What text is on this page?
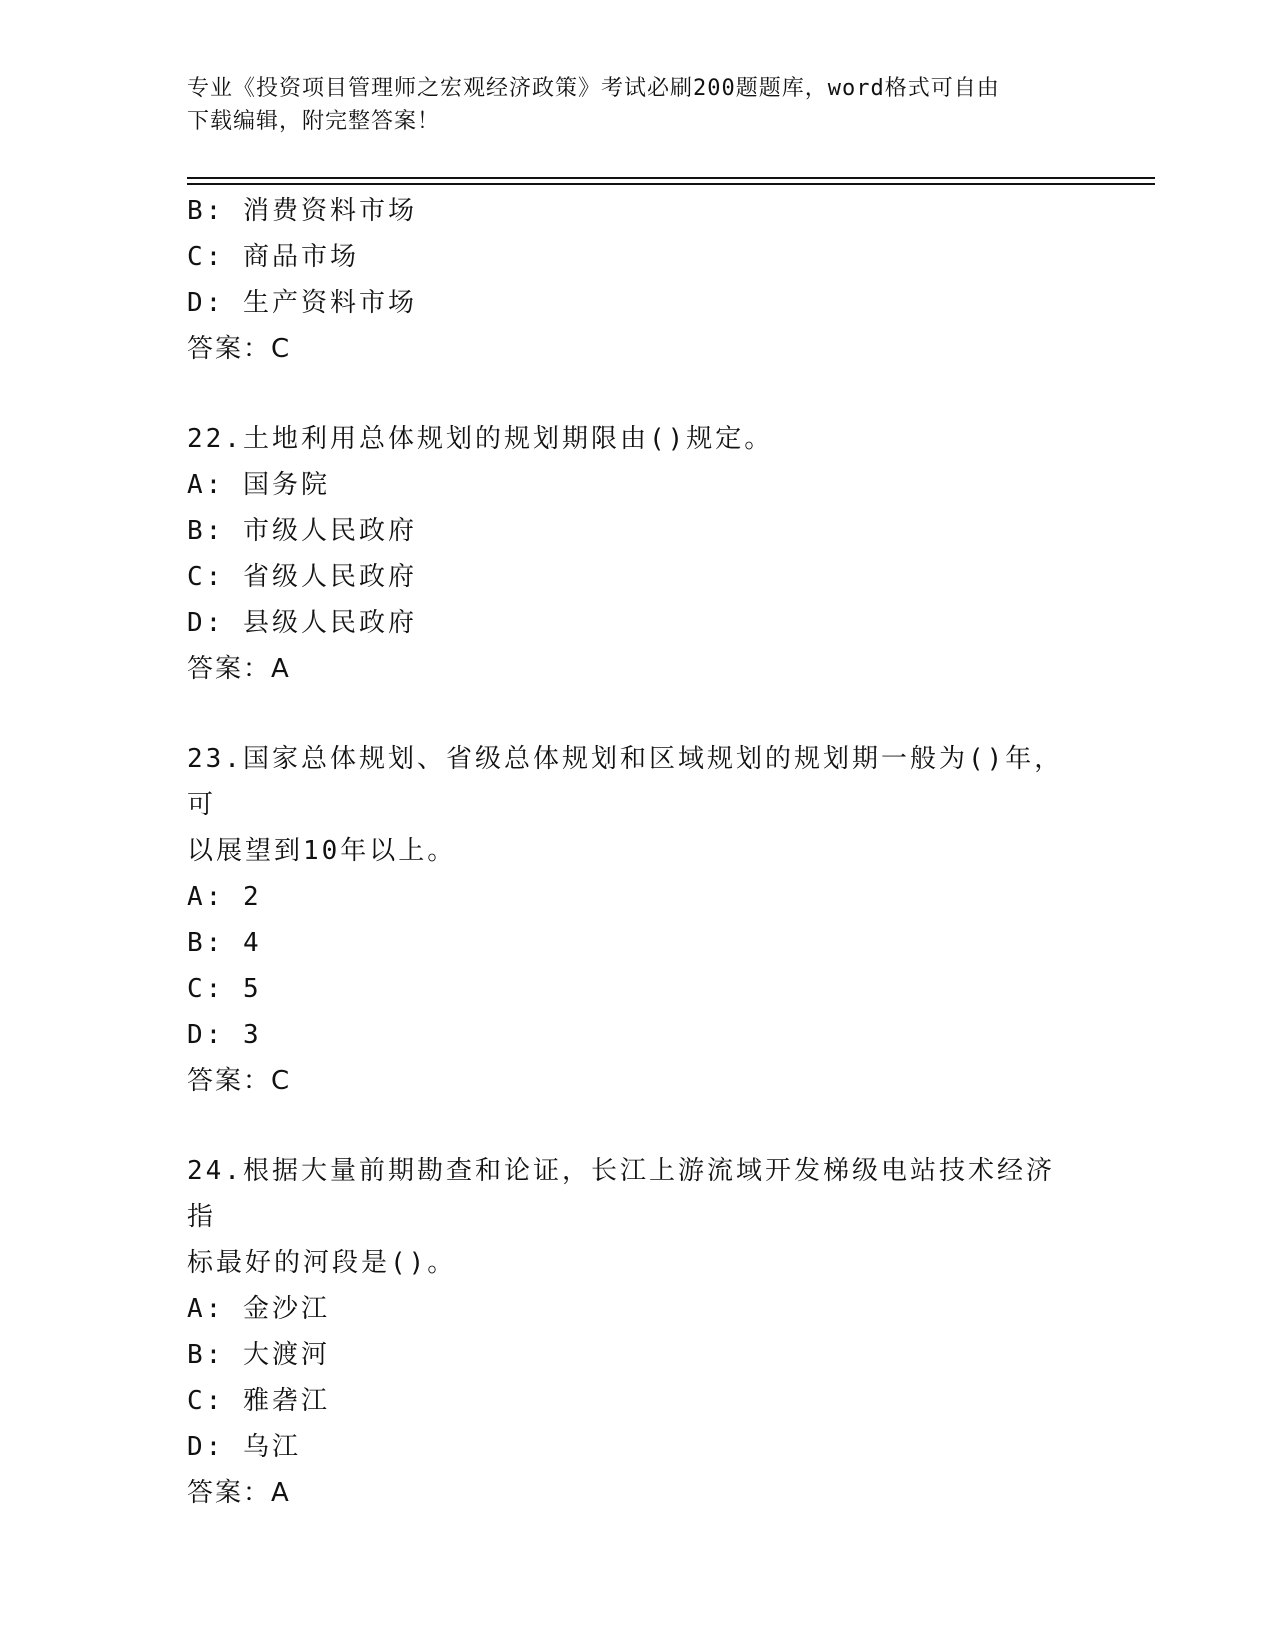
专业《投资项目管理师之宏观经济政策》考试必刷200题题库，word格式可自由
下载编辑，附完整答案！
B: 消费资料市场
C: 商品市场
D: 生产资料市场
答案：C
22.土地利用总体规划的规划期限由()规定。
A: 国务院
B: 市级人民政府
C: 省级人民政府
D: 县级人民政府
答案：A
23.国家总体规划、省级总体规划和区域规划的规划期一般为()年，可
以展望到10年以上。
A: 2
B: 4
C: 5
D: 3
答案：C
24.根据大量前期勘查和论证，长江上游流域开发梯级电站技术经济指
标最好的河段是()。
A: 金沙江
B: 大渡河
C: 雅砻江
D: 乌江
答案：A
